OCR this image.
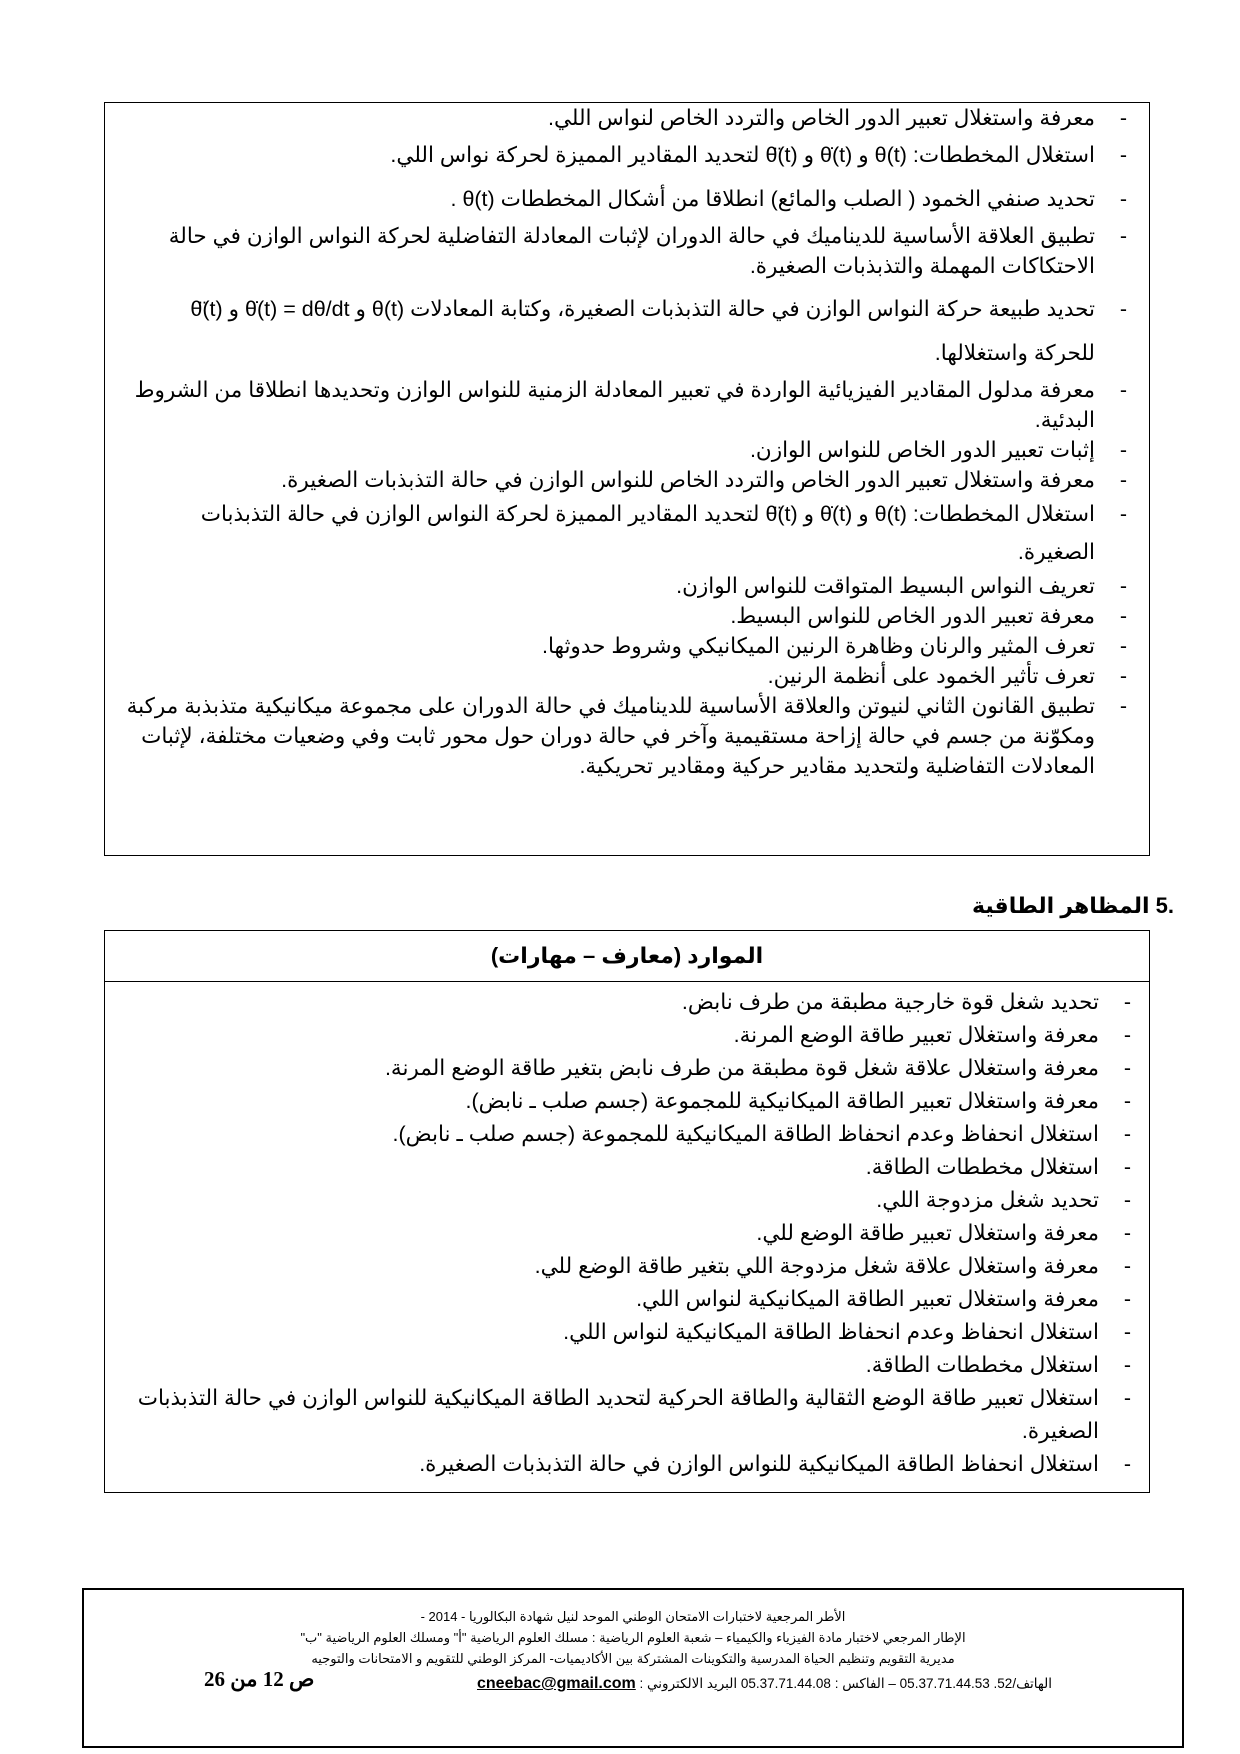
- معرفة واستغلال تعبير الدور الخاص والتردد الخاص لنواس اللي.
- استغلال المخططات: θ(t) و θ̇(t) و θ̈(t) لتحديد المقادير المميزة لحركة نواس اللي.
- تحديد صنفي الخمود ( الصلب والمائع) انطلاقا من أشكال المخططات θ(t) .
- تطبيق العلاقة الأساسية للديناميك في حالة الدوران لإثبات المعادلة التفاضلية لحركة النواس الوازن في حالة الاحتكاكات المهملة والتذبذبات الصغيرة.
- تحديد طبيعة حركة النواس الوازن في حالة التذبذبات الصغيرة، وكتابة المعادلات θ(t) و θ̇(t) = dθ/dt و θ̈(t) للحركة واستغلالها.
- معرفة مدلول المقادير الفيزيائية الواردة في تعبير المعادلة الزمنية للنواس الوازن وتحديدها انطلاقا من الشروط البدئية.
- إثبات تعبير الدور الخاص للنواس الوازن.
- معرفة واستغلال تعبير الدور الخاص والتردد الخاص للنواس الوازن في حالة التذبذبات الصغيرة.
- استغلال المخططات: θ(t) و θ̇(t) و θ̈(t) لتحديد المقادير المميزة لحركة النواس الوازن في حالة التذبذبات الصغيرة.
- تعريف النواس البسيط المتواقت للنواس الوازن.
- معرفة تعبير الدور الخاص للنواس البسيط.
- تعرف المثير والرنان وظاهرة الرنين الميكانيكي وشروط حدوثها.
- تعرف تأثير الخمود على أنظمة الرنين.
- تطبيق القانون الثاني لنيوتن والعلاقة الأساسية للديناميك في حالة الدوران على مجموعة ميكانيكية متذبذبة مركبة ومكوّنة من جسم في حالة إزاحة مستقيمية وآخر في حالة دوران حول محور ثابت وفي وضعيات مختلفة، لإثبات المعادلات التفاضلية ولتحديد مقادير حركية ومقادير تحريكية.
.5 المظاهر الطاقية
الموارد (معارف – مهارات)
- تحديد شغل قوة خارجية مطبقة من طرف نابض.
- معرفة واستغلال تعبير طاقة الوضع المرنة.
- معرفة واستغلال علاقة شغل قوة مطبقة من طرف نابض بتغير طاقة الوضع المرنة.
- معرفة واستغلال تعبير الطاقة الميكانيكية للمجموعة (جسم صلب ـ نابض).
- استغلال انحفاظ وعدم انحفاظ الطاقة الميكانيكية للمجموعة (جسم صلب ـ نابض).
- استغلال مخططات الطاقة.
- تحديد شغل مزدوجة اللي.
- معرفة واستغلال تعبير طاقة الوضع للي.
- معرفة واستغلال علاقة شغل مزدوجة اللي بتغير طاقة الوضع للي.
- معرفة واستغلال تعبير الطاقة الميكانيكية لنواس اللي.
- استغلال انحفاظ وعدم انحفاظ الطاقة الميكانيكية لنواس اللي.
- استغلال مخططات الطاقة.
- استغلال تعبير طاقة الوضع الثقالية والطاقة الحركية لتحديد الطاقة الميكانيكية للنواس الوازن في حالة التذبذبات الصغيرة.
- استغلال انحفاظ الطاقة الميكانيكية للنواس الوازن في حالة التذبذبات الصغيرة.
الأطر المرجعية لاختبارات الامتحان الوطني الموحد لنيل شهادة البكالوريا - 2014 -
الإطار المرجعي لاختبار مادة الفيزياء والكيمياء – شعبة العلوم الرياضية : مسلك العلوم الرياضية "أ" ومسلك العلوم الرياضية "ب"
مديرية التقويم وتنظيم الحياة المدرسية والتكوينات المشتركة بين الأكاديميات- المركز الوطني للتقويم و الامتحانات والتوجيه
الهاتف/52. 05.37.71.44.53 – الفاكس : 05.37.71.44.08 البريد الالكتروني : cneebac@gmail.com
ص 12 من 26
